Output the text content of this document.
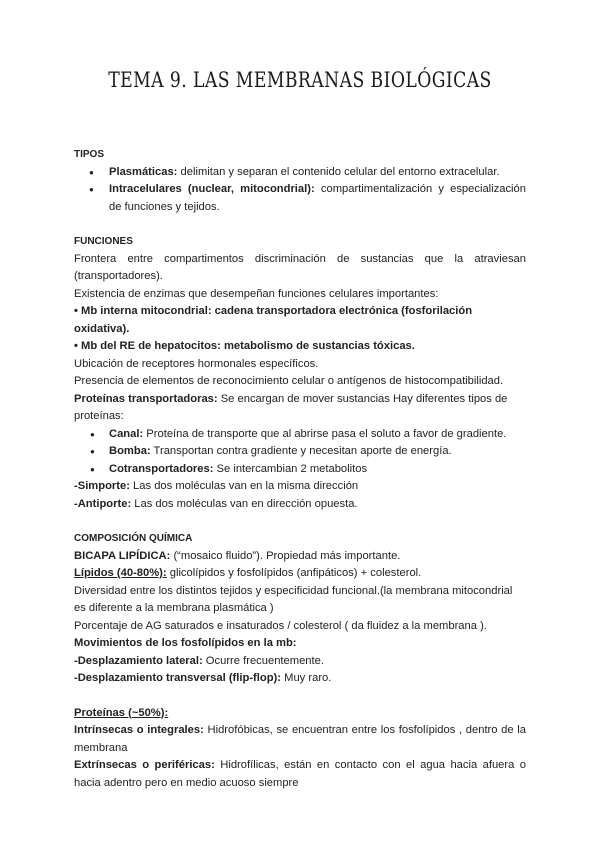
TEMA 9. LAS MEMBRANAS BIOLÓGICAS

TIPOS

● Plasmáticas: delimitan y separan el contenido celular del entorno extracelular.
● Intracelulares (nuclear, mitocondrial): compartimentalización y especialización de funciones y tejidos.

FUNCIONES

Frontera entre compartimentos discriminación de sustancias que la atraviesan (transportadores).

Existencia de enzimas que desempeñan funciones celulares importantes:

• Mb interna mitocondrial: cadena transportadora electrónica (fosforilación oxidativa).

• Mb del RE de hepatocitos: metabolismo de sustancias tóxicas.

Ubicación de receptores hormonales específicos.

Presencia de elementos de reconocimiento celular o antígenos de histocompatibilidad.

Proteínas transportadoras: Se encargan de mover sustancias Hay diferentes tipos de proteínas:

● Canal: Proteína de transporte que al abrirse pasa el soluto a favor de gradiente.
● Bomba: Transportan contra gradiente y necesitan aporte de energía.
● Cotransportadores: Se intercambian 2 metabolitos

-Simporte: Las dos moléculas van en la misma dirección

-Antiporte: Las dos moléculas van en dirección opuesta.

COMPOSICIÓN QUÍMICA

BICAPA LIPÍDICA: (“mosaico fluido”). Propiedad más importante.

Lípidos (40-80%): glicolípidos y fosfolípidos (anfipáticos) + colesterol.

Diversidad entre los distintos tejidos y especificidad funcional.(la membrana mitocondrial es diferente a la membrana plasmática )

Porcentaje de AG saturados e insaturados / colesterol ( da fluidez a la membrana ).

Movimientos de los fosfolípidos en la mb:

-Desplazamiento lateral: Ocurre frecuentemente.

-Desplazamiento transversal (flip-flop): Muy raro.

Proteínas (~50%):

Intrínsecas o integrales: Hidrofóbicas, se encuentran entre los fosfolípidos , dentro de la membrana

Extrínsecas o periféricas: Hidrofílicas, están en contacto con el agua hacia afuera o hacia adentro pero en medio acuoso siempre
